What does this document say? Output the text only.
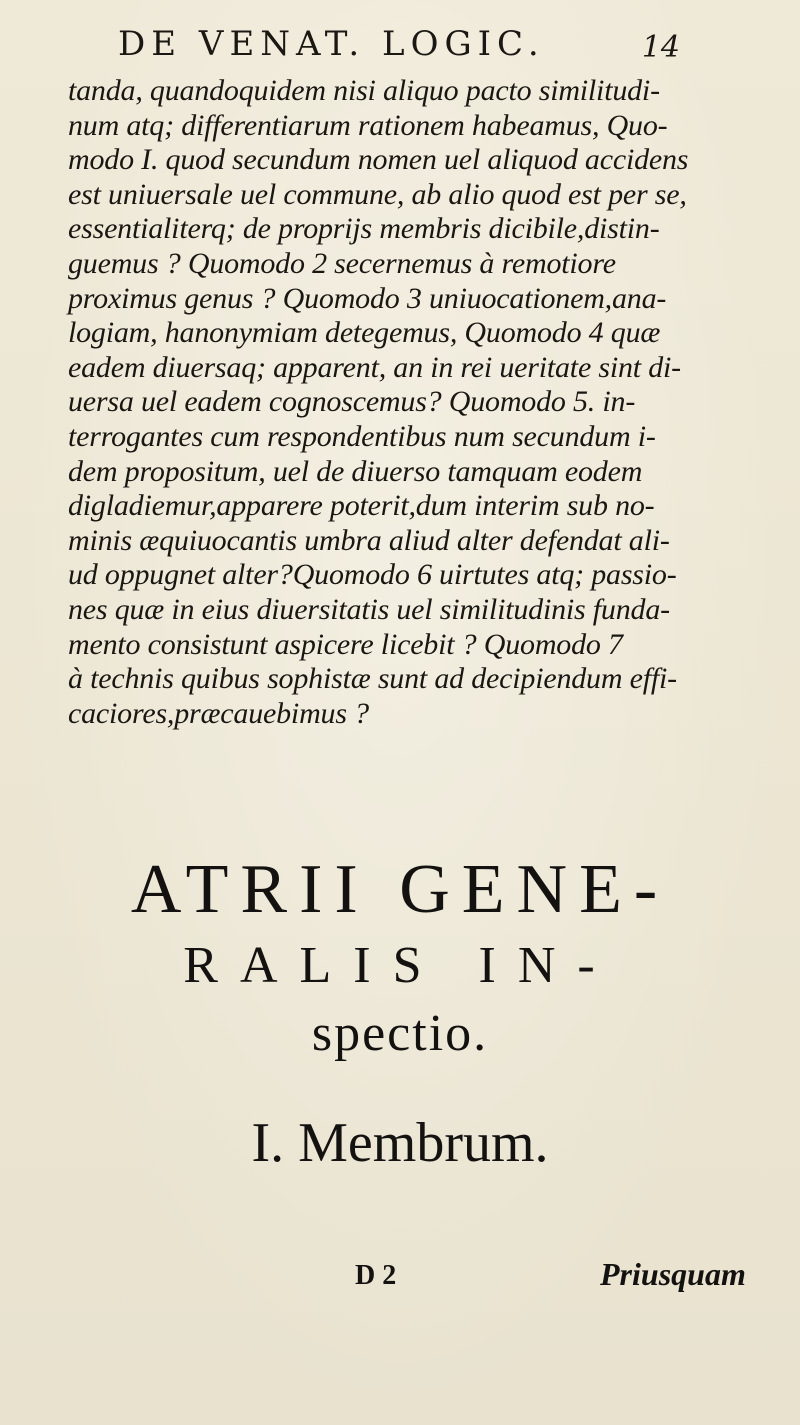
DE VENAT. LOGIC.	14
tanda, quandoquidem nisi aliquo pacto similitudi-
num atq; differentiarum rationem habeamus, Quo-
modo I. quod secundum nomen uel aliquod accidens
est uniuersale uel commune, ab alio quod est per se,
essentialiterq; de proprijs membris dicibile,distin-
guemus ? Quomodo 2 secernemus à remotiore
proximus genus ? Quomodo 3 uniuocationem,ana-
logiam, hanonymiam detegemus, Quomodo 4 quæ
eadem diuersaq; apparent, an in rei ueritate sint di-
uersa uel eadem cognoscemus? Quomodo 5. in-
terrogantes cum respondentibus num secundum i-
dem propositum, uel de diuerso tamquam eodem
digladiemur,apparere poterit,dum interim sub no-
minis æquiuocantis umbra aliud alter defendat ali-
ud oppugnet alter?Quomodo 6 uirtutes atq; passio-
nes quæ in eius diuersitatis uel similitudinis funda-
mento consistunt aspicere licebit ? Quomodo 7
à technis quibus sophistæ sunt ad decipiendum effi-
caciores,præcauebimus ?
ATRII GENE-
RALIS IN-
spectio.
I. Membrum.
D 2	Priusquam
